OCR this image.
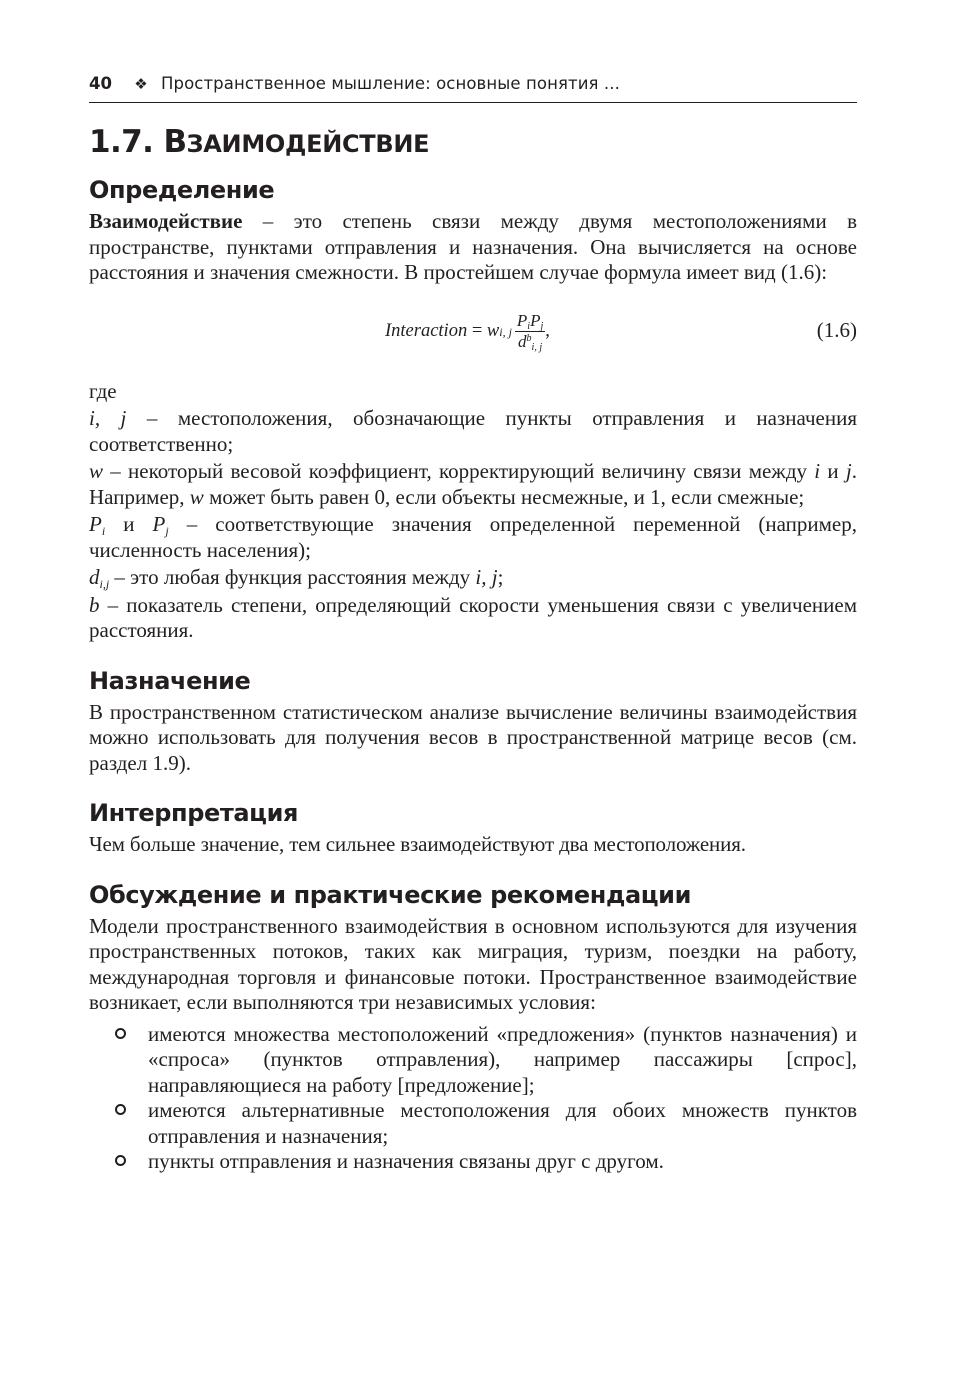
40	❖ Пространственное мышление: основные понятия ...
1.7. ВЗАИМОДЕЙСТВИЕ
Определение

Взаимодействие – это степень связи между двумя местоположениями в пространстве, пунктами отправления и назначения. Она вычисляется на основе расстояния и значения смежности. В простейшем случае формула имеет вид (1.6):

Interaction = w i, j $\frac{P_iP_j}{d^b_{i, j}}$ ,	(1.6)

где

i, j – местоположения, обозначающие пункты отправления и назначения соответственно;

w – некоторый весовой коэффициент, корректирующий величину связи между i и j. Например, w может быть равен 0, если объекты несмежные, и 1, если смежные;

$P_i$ и $P_j$ – соответствующие значения определенной переменной (например, численность населения);

$d_{i,j}$ – это любая функция расстояния между i, j;

b – показатель степени, определяющий скорости уменьшения связи с увеличением расстояния.

Назначение

В пространственном статистическом анализе вычисление величины взаимодействия можно использовать для получения весов в пространственной матрице весов (см. раздел 1.9).

Интерпретация

Чем больше значение, тем сильнее взаимодействуют два местоположения.

Обсуждение и практические рекомендации

Модели пространственного взаимодействия в основном используются для изучения пространственных потоков, таких как миграция, туризм, поездки на работу, международная торговля и финансовые потоки. Пространственное взаимодействие возникает, если выполняются три независимых условия:

имеются множества местоположений «предложения» (пунктов назначения) и «спроса» (пунктов отправления), например пассажиры [спрос], направляющиеся на работу [предложение];
имеются альтернативные местоположения для обоих множеств пунктов отправления и назначения;
пункты отправления и назначения связаны друг с другом.
